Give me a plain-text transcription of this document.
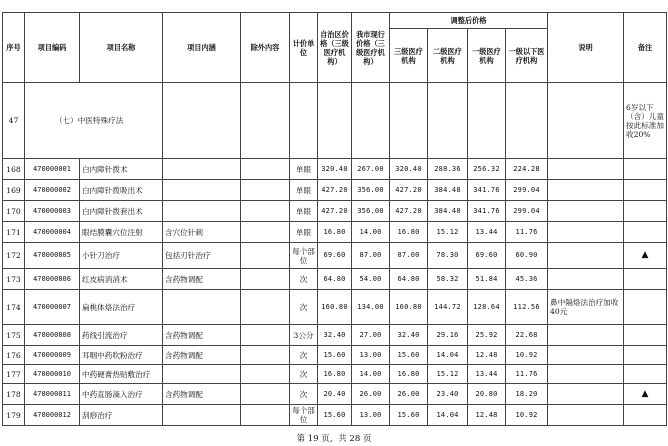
序号	项目编码	项目名称	项目内涵	除外内容	计价单位	自治区价格（三级医疗机构）	我市现行价格（三级医疗机构）	调整后价格				说明	备注
								三级医疗机构	二级医疗机构	一级医疗机构	一级以下医疗机构		
47	（七）中医特殊疗法												6岁以下（含）儿童按此标准加收20%
168	470000001	白内障针拨术			单眼	320.40	267.00	320.40	288.36	256.32	224.28		
169	470000002	白内障针拨吸出术			单眼	427.20	356.00	427.20	384.48	341.76	299.04		
170	470000003	白内障针拨套出术			单眼	427.20	356.00	427.20	384.48	341.76	299.04		
171	470000004	眼结膜囊穴位注射	含穴位针刺		单眼	16.80	14.00	16.80	15.12	13.44	11.76		
172	470000005	小针刀治疗	包括刃针治疗		每个部位	69.60	87.00	87.00	78.30	69.60	60.90		▲
173	470000006	红皮病消消术	含药物调配		次	64.80	54.00	64.80	58.32	51.84	45.36		
174	470000007	扁桃体烙法治疗			次	160.80	134.00	160.80	144.72	128.64	112.56	鼻中隔烙法治疗加收40元	
175	470000008	药线引流治疗	含药物调配		3公分	32.40	27.00	32.40	29.16	25.92	22.68		
176	470000009	耳咽中药吹粉治疗	含药物调配		次	15.60	13.00	15.60	14.04	12.48	10.92		
177	470000010	中药硬膏热贴敷治疗			次	16.80	14.00	16.80	15.12	13.44	11.76		
178	470000011	中药直肠滴入治疗	含药物调配		次	20.40	26.00	26.00	23.40	20.80	18.20		▲
179	470000012	刮痧治疗			每个部位	15.60	13.00	15.60	14.04	12.48	10.92		
第 19 页，共 28 页
